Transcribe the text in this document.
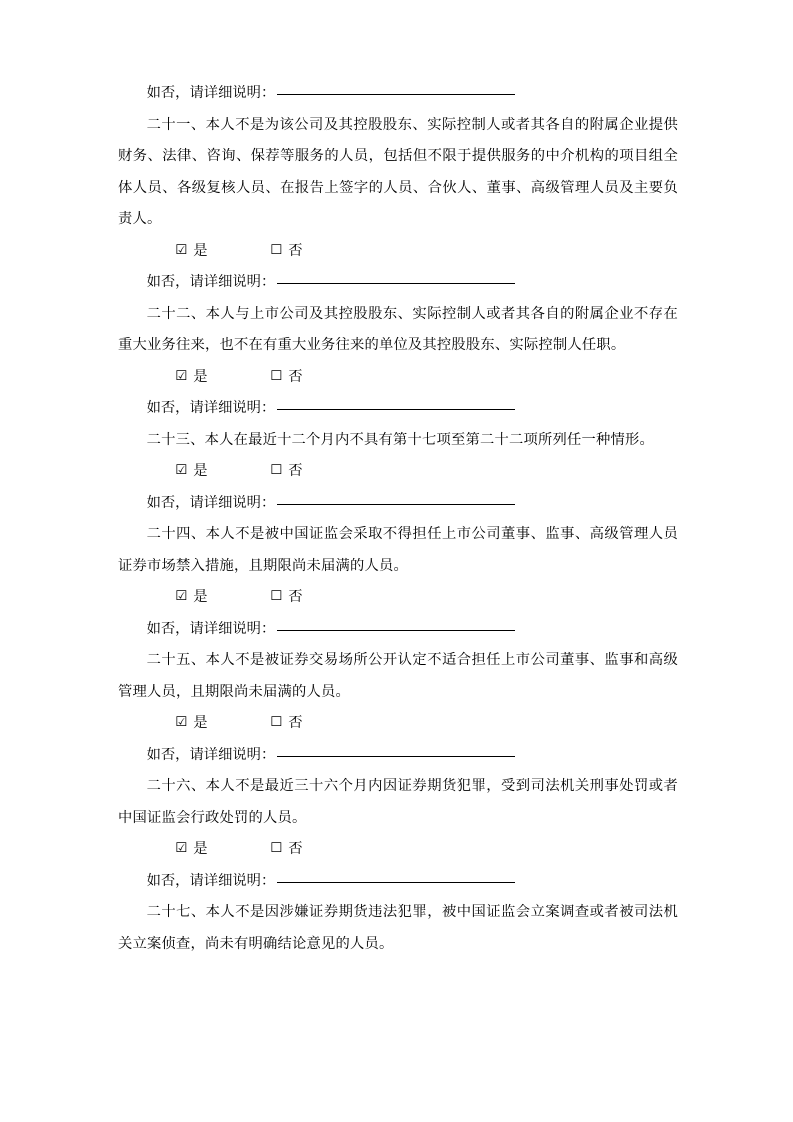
如否，请详细说明：

二十一、本人不是为该公司及其控股股东、实际控制人或者其各自的附属企业提供财务、法律、咨询、保荐等服务的人员，包括但不限于提供服务的中介机构的项目组全体人员、各级复核人员、在报告上签字的人员、合伙人、董事、高级管理人员及主要负责人。

☑ 是	☐ 否

如否，请详细说明：

二十二、本人与上市公司及其控股股东、实际控制人或者其各自的附属企业不存在重大业务往来，也不在有重大业务往来的单位及其控股股东、实际控制人任职。

☑ 是	☐ 否

如否，请详细说明：

二十三、本人在最近十二个月内不具有第十七项至第二十二项所列任一种情形。

☑ 是	☐ 否

如否，请详细说明：

二十四、本人不是被中国证监会采取不得担任上市公司董事、监事、高级管理人员证券市场禁入措施，且期限尚未届满的人员。

☑ 是	☐ 否

如否，请详细说明：

二十五、本人不是被证券交易场所公开认定不适合担任上市公司董事、监事和高级管理人员，且期限尚未届满的人员。

☑ 是	☐ 否

如否，请详细说明：

二十六、本人不是最近三十六个月内因证券期货犯罪，受到司法机关刑事处罚或者中国证监会行政处罚的人员。

☑ 是	☐ 否

如否，请详细说明：

二十七、本人不是因涉嫌证券期货违法犯罪，被中国证监会立案调查或者被司法机关立案侦查，尚未有明确结论意见的人员。
